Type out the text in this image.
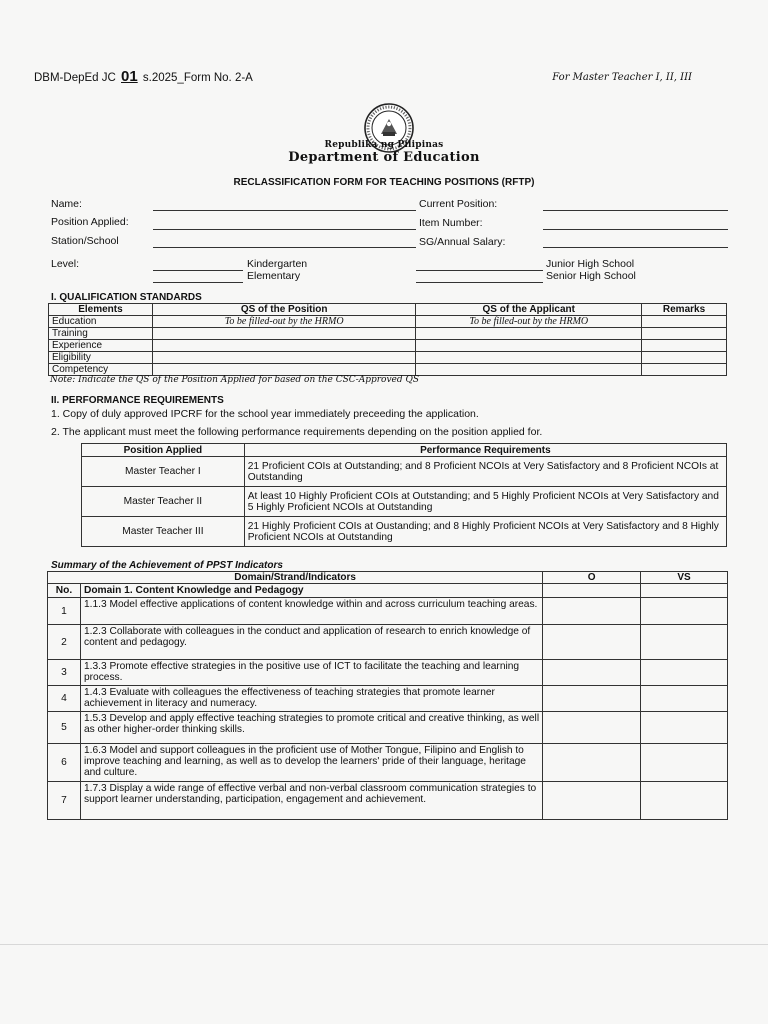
DBM-DepEd JC 01 s.2025_Form No. 2-A	For Master Teacher I, II, III
Republika ng Pilipinas
Department of Education
RECLASSIFICATION FORM FOR TEACHING POSITIONS (RFTP)
Name:	Current Position:
Position Applied:	Item Number:
Station/School	SG/Annual Salary:
Level:	Kindergarten
Elementary
Junior High School
Senior High School
I. QUALIFICATION STANDARDS
Elements	QS of the Position	QS of the Applicant	Remarks
Education	To be filled-out by the HRMO	To be filled-out by the HRMO	
Training			
Experience			
Eligibility			
Competency			
Note: Indicate the QS of the Position Applied for based on the CSC-Approved QS
II. PERFORMANCE REQUIREMENTS
1. Copy of duly approved IPCRF for the school year immediately preceeding the application.
2. The applicant must meet the following performance requirements depending on the position applied for.
Position Applied	Performance Requirements
Master Teacher I	21 Proficient COIs at Outstanding; and 8 Proficient NCOIs at Very Satisfactory and 8 Proficient NCOIs at Outstanding
Master Teacher II	At least 10 Highly Proficient COIs at Outstanding; and 5 Highly Proficient NCOIs at Very Satisfactory and 5 Highly Proficient NCOIs at Outstanding
Master Teacher III	21 Highly Proficient COIs at Oustanding; and 8 Highly Proficient NCOIs at Very Satisfactory and 8 Highly Proficient NCOIs at Outstanding
Summary of the Achievement of PPST Indicators
Domain/Strand/Indicators		O	VS
No.	Domain 1. Content Knowledge and Pedagogy		
1	1.1.3 Model effective applications of content knowledge within and across curriculum teaching areas.		
2	1.2.3 Collaborate with colleagues in the conduct and application of research to enrich knowledge of content and pedagogy.		
3	1.3.3 Promote effective strategies in the positive use of ICT to facilitate the teaching and learning process.		
4	1.4.3 Evaluate with colleagues the effectiveness of teaching strategies that promote learner achievement in literacy and numeracy.		
5	1.5.3 Develop and apply effective teaching strategies to promote critical and creative thinking, as well as other higher-order thinking skills.		
6	1.6.3 Model and support colleagues in the proficient use of Mother Tongue, Filipino and English to improve teaching and learning, as well as to develop the learners' pride of their language, heritage and culture.		
7	1.7.3 Display a wide range of effective verbal and non-verbal classroom communication strategies to support learner understanding, participation, engagement and achievement.		
